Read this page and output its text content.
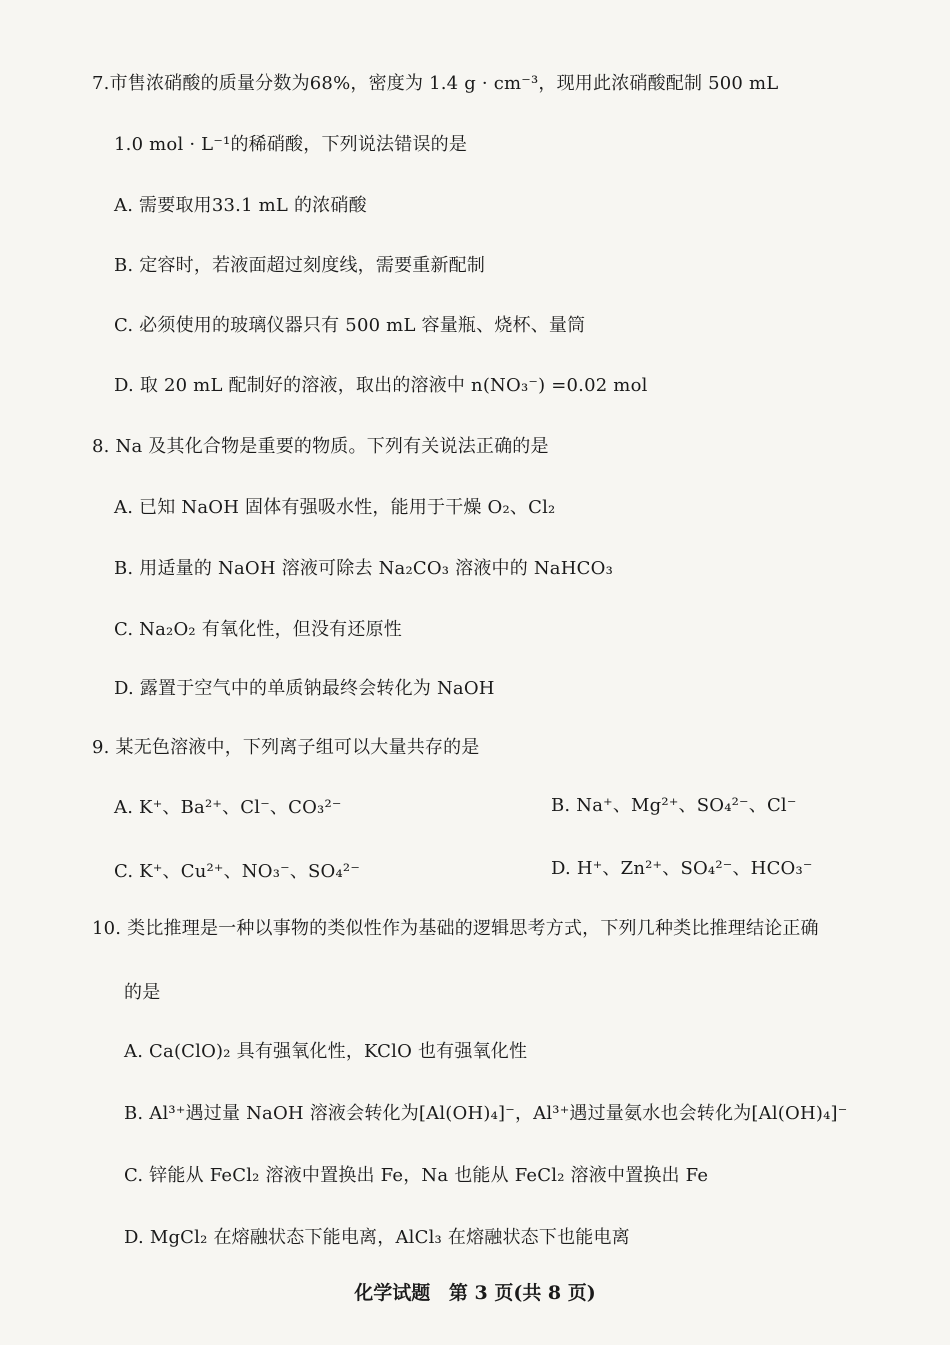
7.市售浓硝酸的质量分数为68%，密度为 1.4 g · cm⁻³，现用此浓硝酸配制 500 mL
1.0 mol · L⁻¹的稀硝酸，下列说法错误的是
A. 需要取用33.1 mL 的浓硝酸
B. 定容时，若液面超过刻度线，需要重新配制
C. 必须使用的玻璃仪器只有 500 mL 容量瓶、烧杯、量筒
D. 取 20 mL 配制好的溶液，取出的溶液中 n(NO₃⁻) =0.02 mol
8. Na 及其化合物是重要的物质。下列有关说法正确的是
A. 已知 NaOH 固体有强吸水性，能用于干燥 O₂、Cl₂
B. 用适量的 NaOH 溶液可除去 Na₂CO₃ 溶液中的 NaHCO₃
C. Na₂O₂ 有氧化性，但没有还原性
D. 露置于空气中的单质钠最终会转化为 NaOH
9. 某无色溶液中，下列离子组可以大量共存的是
A. K⁺、Ba²⁺、Cl⁻、CO₃²⁻	B. Na⁺、Mg²⁺、SO₄²⁻、Cl⁻
C. K⁺、Cu²⁺、NO₃⁻、SO₄²⁻	D. H⁺、Zn²⁺、SO₄²⁻、HCO₃⁻
10. 类比推理是一种以事物的类似性作为基础的逻辑思考方式，下列几种类比推理结论正确
的是
A. Ca(ClO)₂ 具有强氧化性，KClO 也有强氧化性
B. Al³⁺遇过量 NaOH 溶液会转化为[Al(OH)₄]⁻，Al³⁺遇过量氨水也会转化为[Al(OH)₄]⁻
C. 锌能从 FeCl₂ 溶液中置换出 Fe，Na 也能从 FeCl₂ 溶液中置换出 Fe
D. MgCl₂ 在熔融状态下能电离，AlCl₃ 在熔融状态下也能电离
化学试题 第 3 页(共 8 页)
